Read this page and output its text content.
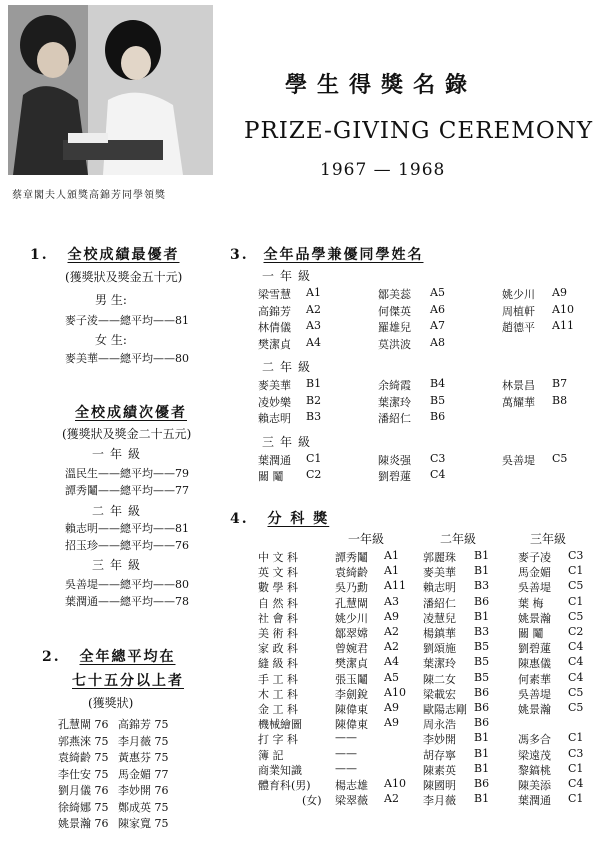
蔡章閣夫人頒獎高錦芳同學領獎
學生得獎名錄
PRIZE-GIVING CEREMONY
1967 — 1968
1. 全校成績最優者
(獲獎狀及獎金五十元)
男 生:
麥子淩——總平均——81
女 生:
麥美華——總平均——80
全校成績次優者
(獲獎狀及獎金二十五元)
一年級
溫民生——總平均——79
譚秀鬮——總平均——77
二年級
賴志明——總平均——81
招玉珍——總平均——76
三年級
吳善堤——總平均——80
葉潤通——總平均——78
2. 全年總平均在
七十五分以上者
(獲獎狀)
孔慧閘 76 高錦芳 75
郭燕淶 75 李月薇 75
袁綺齡 75 黃惠芬 75
李仕安 75 馬金媚 77
劉月儀 76 李妙開 76
徐綺娜 75 鄭成英 75
姚景瀚 76 陳家寬 75
3. 全年品學兼優同學姓名
一年級
梁雪慧 A1	鄒美蕊 A5	姚少川 A9
高錦芳 A2	何傑英 A6	周植軒 A10
林倩儀 A3	羅雄兒 A7	趙德平 A11
樊潔貞 A4	莫洪波 A8
二年級
麥美華 B1	余綺霞 B4	林景昌 B7
凌妙樂 B2	葉潔玲 B5	萬耀華 B8
賴志明 B3	潘紹仁 B6
三年級
葉潤通 C1	陳炎强 C3	吳善堤 C5
關 鬮 C2	劉碧蓮 C4
4. 分 科 獎
一年級	二年級	三年級
中 文 科	譚秀鬮 A1 郭麗珠 B1	麥子凌 C3
英 文 科	袁綺齡 A1 麥美華 B1	馬金媚 C1
數 學 科	吳乃勳 A11 賴志明 B3	吳善堤 C5
自 然 科	孔慧閘 A3 潘紹仁 B6	葉 梅 C1
社 會 科	姚少川 A9 凌慧兒 B1	姚景瀚 C5
美 術 科	鄒翠嫦 A2 楊鎮華 B3	關 鬮 C2
家 政 科	曾婉君 A2 劉頌施 B5	劉碧蓮 C4
縫 級 科	樊潔貞 A4 葉潔玲 B5	陳惠儀 C4
手 工 科	張玉鬮 A5 陳二女 B5	何素華 C4
木 工 科	李劍銳 A10 梁載宏 B6	吳善堤 C5
金 工 科	陳偉東 A9 歐陽志剛 B6	姚景瀚 C5
機械繪圖	陳偉東 A9 周永浩 B6
打 字 科	——	李妙開 B1	馮多合 C1
簿 記	——	胡存寧 B1	梁遠茂 C3
商業知識	——	陳素英 B1	黎鎬桃 C1
體育科(男) 楊志雄 A10 陳國明 B6	陳美添 C4
(女) 梁翠薇 A2 李月薇 B1	葉潤通 C1
